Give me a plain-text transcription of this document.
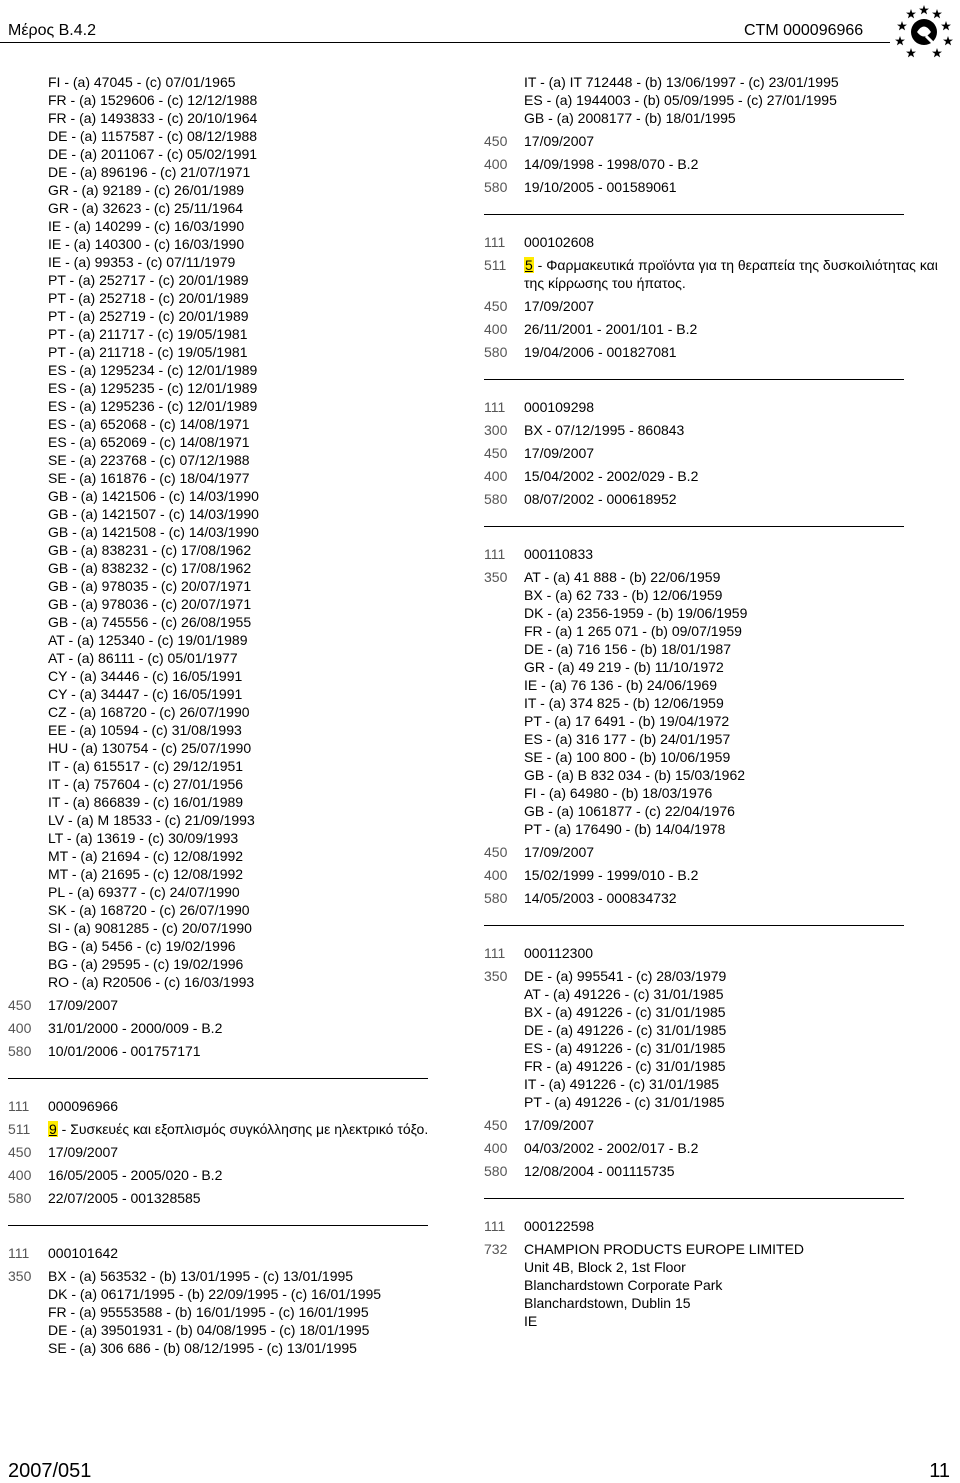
Μέρος Β.4.2	CTM 000096966
FI - (a) 47045 - (c) 07/01/1965
FR - (a) 1529606 - (c) 12/12/1988
FR - (a) 1493833 - (c) 20/10/1964
DE - (a) 1157587 - (c) 08/12/1988
DE - (a) 2011067 - (c) 05/02/1991
DE - (a) 896196 - (c) 21/07/1971
GR - (a) 92189 - (c) 26/01/1989
GR - (a) 32623 - (c) 25/11/1964
IE - (a) 140299 - (c) 16/03/1990
IE - (a) 140300 - (c) 16/03/1990
IE - (a) 99353 - (c) 07/11/1979
PT - (a) 252717 - (c) 20/01/1989
PT - (a) 252718 - (c) 20/01/1989
PT - (a) 252719 - (c) 20/01/1989
PT - (a) 211717 - (c) 19/05/1981
PT - (a) 211718 - (c) 19/05/1981
ES - (a) 1295234 - (c) 12/01/1989
ES - (a) 1295235 - (c) 12/01/1989
ES - (a) 1295236 - (c) 12/01/1989
ES - (a) 652068 - (c) 14/08/1971
ES - (a) 652069 - (c) 14/08/1971
SE - (a) 223768 - (c) 07/12/1988
SE - (a) 161876 - (c) 18/04/1977
GB - (a) 1421506 - (c) 14/03/1990
GB - (a) 1421507 - (c) 14/03/1990
GB - (a) 1421508 - (c) 14/03/1990
GB - (a) 838231 - (c) 17/08/1962
GB - (a) 838232 - (c) 17/08/1962
GB - (a) 978035 - (c) 20/07/1971
GB - (a) 978036 - (c) 20/07/1971
GB - (a) 745556 - (c) 26/08/1955
AT - (a) 125340 - (c) 19/01/1989
AT - (a) 86111 - (c) 05/01/1977
CY - (a) 34446 - (c) 16/05/1991
CY - (a) 34447 - (c) 16/05/1991
CZ - (a) 168720 - (c) 26/07/1990
EE - (a) 10594 - (c) 31/08/1993
HU - (a) 130754 - (c) 25/07/1990
IT - (a) 615517 - (c) 29/12/1951
IT - (a) 757604 - (c) 27/01/1956
IT - (a) 866839 - (c) 16/01/1989
LV - (a) M 18533 - (c) 21/09/1993
LT - (a) 13619 - (c) 30/09/1993
MT - (a) 21694 - (c) 12/08/1992
MT - (a) 21695 - (c) 12/08/1992
PL - (a) 69377 - (c) 24/07/1990
SK - (a) 168720 - (c) 26/07/1990
SI - (a) 9081285 - (c) 20/07/1990
BG - (a) 5456 - (c) 19/02/1996
BG - (a) 29595 - (c) 19/02/1996
RO - (a) R20506 - (c) 16/03/1993
450	17/09/2007
400	31/01/2000 - 2000/009 - B.2
580	10/01/2006 - 001757171
111	000096966
511	9 - Συσκευές και εξοπλισμός συγκόλλησης με ηλεκτρικό τόξο.
450	17/09/2007
400	16/05/2005 - 2005/020 - B.2
580	22/07/2005 - 001328585
111	000101642
350	BX - (a) 563532 - (b) 13/01/1995 - (c) 13/01/1995
DK - (a) 06171/1995 - (b) 22/09/1995 - (c) 16/01/1995
FR - (a) 95553588 - (b) 16/01/1995 - (c) 16/01/1995
DE - (a) 39501931 - (b) 04/08/1995 - (c) 18/01/1995
SE - (a) 306 686 - (b) 08/12/1995 - (c) 13/01/1995
IT - (a) IT 712448 - (b) 13/06/1997 - (c) 23/01/1995
ES - (a) 1944003 - (b) 05/09/1995 - (c) 27/01/1995
GB - (a) 2008177 - (b) 18/01/1995
450	17/09/2007
400	14/09/1998 - 1998/070 - B.2
580	19/10/2005 - 001589061
111	000102608
511	5 - Φαρμακευτικά προϊόντα για τη θεραπεία της δυσκοιλιότητας και της κίρρωσης του ήπατος.
450	17/09/2007
400	26/11/2001 - 2001/101 - B.2
580	19/04/2006 - 001827081
111	000109298
300	BX - 07/12/1995 - 860843
450	17/09/2007
400	15/04/2002 - 2002/029 - B.2
580	08/07/2002 - 000618952
111	000110833
350	AT - (a) 41 888 - (b) 22/06/1959
BX - (a) 62 733 - (b) 12/06/1959
DK - (a) 2356-1959 - (b) 19/06/1959
FR - (a) 1 265 071 - (b) 09/07/1959
DE - (a) 716 156 - (b) 18/01/1987
GR - (a) 49 219 - (b) 11/10/1972
IE - (a) 76 136 - (b) 24/06/1969
IT - (a) 374 825 - (b) 12/06/1959
PT - (a) 17 6491 - (b) 19/04/1972
ES - (a) 316 177 - (b) 24/01/1957
SE - (a) 100 800 - (b) 10/06/1959
GB - (a) B 832 034 - (b) 15/03/1962
FI - (a) 64980 - (b) 18/03/1976
GB - (a) 1061877 - (c) 22/04/1976
PT - (a) 176490 - (b) 14/04/1978
450	17/09/2007
400	15/02/1999 - 1999/010 - B.2
580	14/05/2003 - 000834732
111	000112300
350	DE - (a) 995541 - (c) 28/03/1979
AT - (a) 491226 - (c) 31/01/1985
BX - (a) 491226 - (c) 31/01/1985
DE - (a) 491226 - (c) 31/01/1985
ES - (a) 491226 - (c) 31/01/1985
FR - (a) 491226 - (c) 31/01/1985
IT - (a) 491226 - (c) 31/01/1985
PT - (a) 491226 - (c) 31/01/1985
450	17/09/2007
400	04/03/2002 - 2002/017 - B.2
580	12/08/2004 - 001115735
111	000122598
732	CHAMPION PRODUCTS EUROPE LIMITED
Unit 4B, Block 2, 1st Floor
Blanchardstown Corporate Park
Blanchardstown, Dublin 15
IE
2007/051	11
